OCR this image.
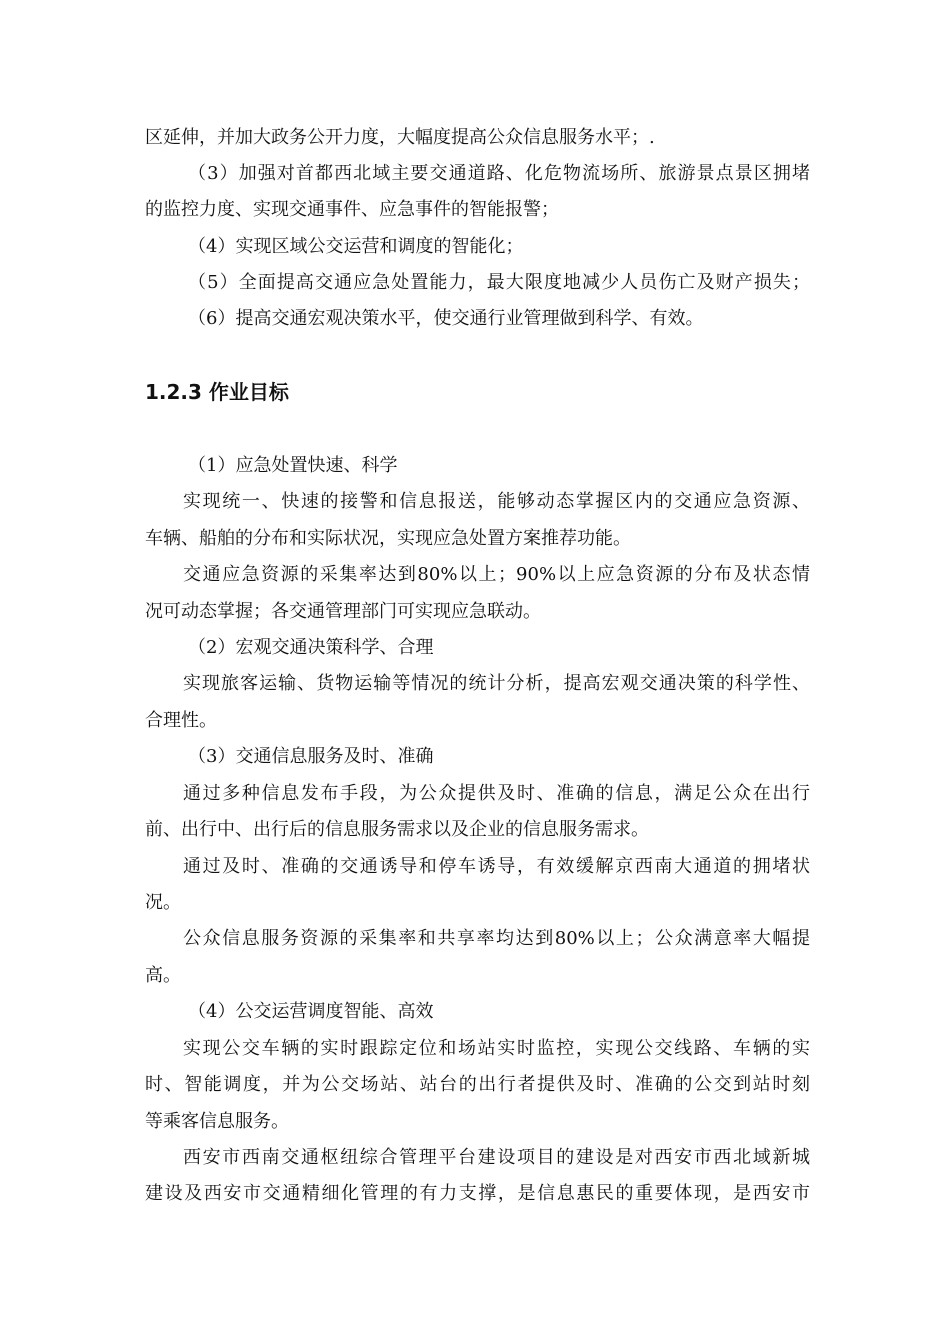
区延伸，并加大政务公开力度，大幅度提高公众信息服务水平；.

（3）加强对首都西北域主要交通道路、化危物流场所、旅游景点景区拥堵

的监控力度、实现交通事件、应急事件的智能报警；

（4）实现区域公交运营和调度的智能化；

（5）全面提高交通应急处置能力，最大限度地减少人员伤亡及财产损失；

（6）提高交通宏观决策水平，使交通行业管理做到科学、有效。

1.2.3 作业目标

（1）应急处置快速、科学

实现统一、快速的接警和信息报送，能够动态掌握区内的交通应急资源、

车辆、船舶的分布和实际状况，实现应急处置方案推荐功能。

交通应急资源的采集率达到80%以上；90%以上应急资源的分布及状态情

况可动态掌握；各交通管理部门可实现应急联动。

（2）宏观交通决策科学、合理

实现旅客运输、货物运输等情况的统计分析，提高宏观交通决策的科学性、

合理性。

（3）交通信息服务及时、准确

通过多种信息发布手段，为公众提供及时、准确的信息，满足公众在出行

前、出行中、出行后的信息服务需求以及企业的信息服务需求。

通过及时、准确的交通诱导和停车诱导，有效缓解京西南大通道的拥堵状

况。

公众信息服务资源的采集率和共享率均达到80%以上；公众满意率大幅提

高。

（4）公交运营调度智能、高效

实现公交车辆的实时跟踪定位和场站实时监控，实现公交线路、车辆的实

时、智能调度，并为公交场站、站台的出行者提供及时、准确的公交到站时刻

等乘客信息服务。

西安市西南交通枢纽综合管理平台建设项目的建设是对西安市西北域新城

建设及西安市交通精细化管理的有力支撑，是信息惠民的重要体现，是西安市
